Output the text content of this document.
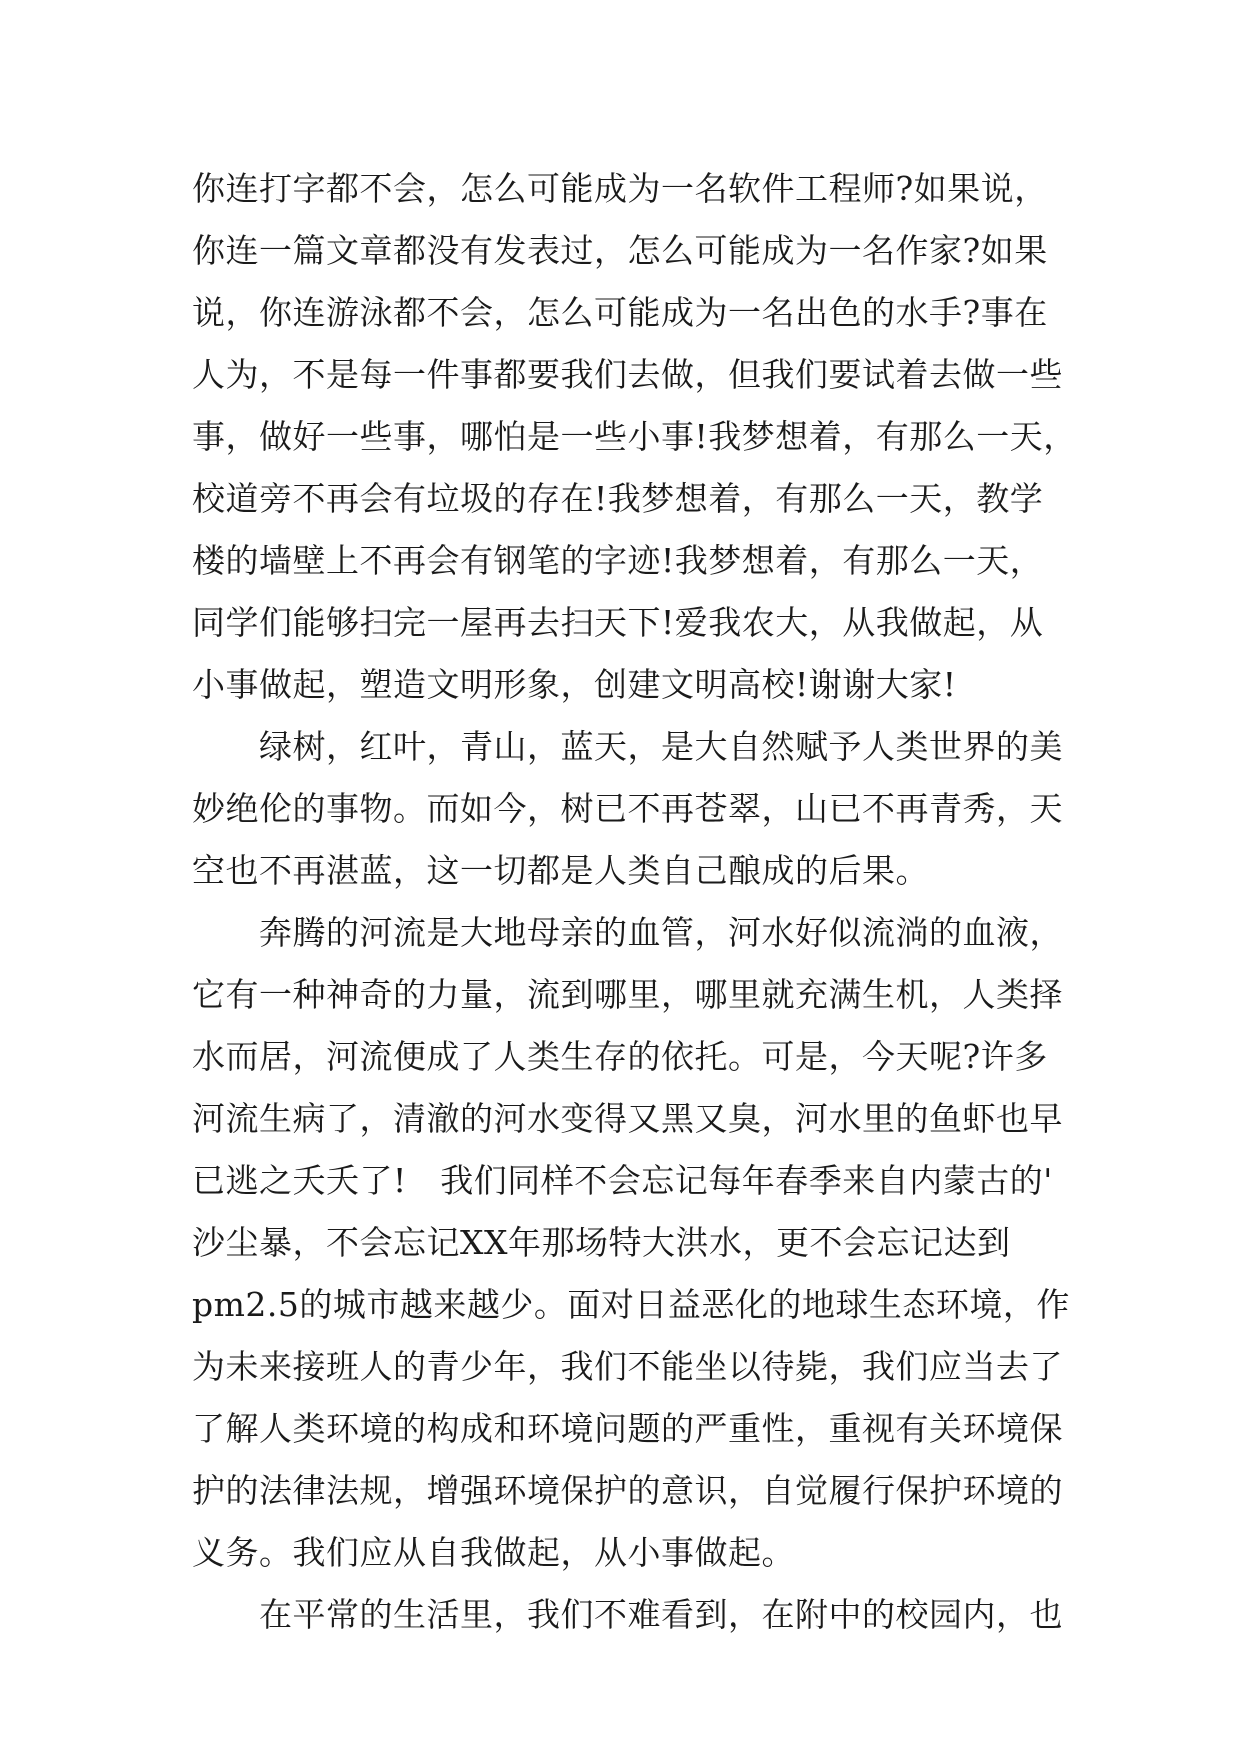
你连打字都不会，怎么可能成为一名软件工程师?如果说，
你连一篇文章都没有发表过，怎么可能成为一名作家?如果
说，你连游泳都不会，怎么可能成为一名出色的水手?事在
人为，不是每一件事都要我们去做，但我们要试着去做一些
事，做好一些事，哪怕是一些小事!我梦想着，有那么一天，
校道旁不再会有垃圾的存在!我梦想着，有那么一天，教学
楼的墙壁上不再会有钢笔的字迹!我梦想着，有那么一天，
同学们能够扫完一屋再去扫天下!爱我农大，从我做起，从
小事做起，塑造文明形象，创建文明高校!谢谢大家!
　　绿树，红叶，青山，蓝天，是大自然赋予人类世界的美
妙绝伦的事物。而如今，树已不再苍翠，山已不再青秀，天
空也不再湛蓝，这一切都是人类自己酿成的后果。
　　奔腾的河流是大地母亲的血管，河水好似流淌的血液，
它有一种神奇的力量，流到哪里，哪里就充满生机，人类择
水而居，河流便成了人类生存的依托。可是，今天呢?许多
河流生病了，清澈的河水变得又黑又臭，河水里的鱼虾也早
已逃之夭夭了!　我们同样不会忘记每年春季来自内蒙古的'
沙尘暴，不会忘记XX年那场特大洪水，更不会忘记达到
pm2.5的城市越来越少。面对日益恶化的地球生态环境，作
为未来接班人的青少年，我们不能坐以待毙，我们应当去了
了解人类环境的构成和环境问题的严重性，重视有关环境保
护的法律法规，增强环境保护的意识，自觉履行保护环境的
义务。我们应从自我做起，从小事做起。
　　在平常的生活里，我们不难看到，在附中的校园内，也
